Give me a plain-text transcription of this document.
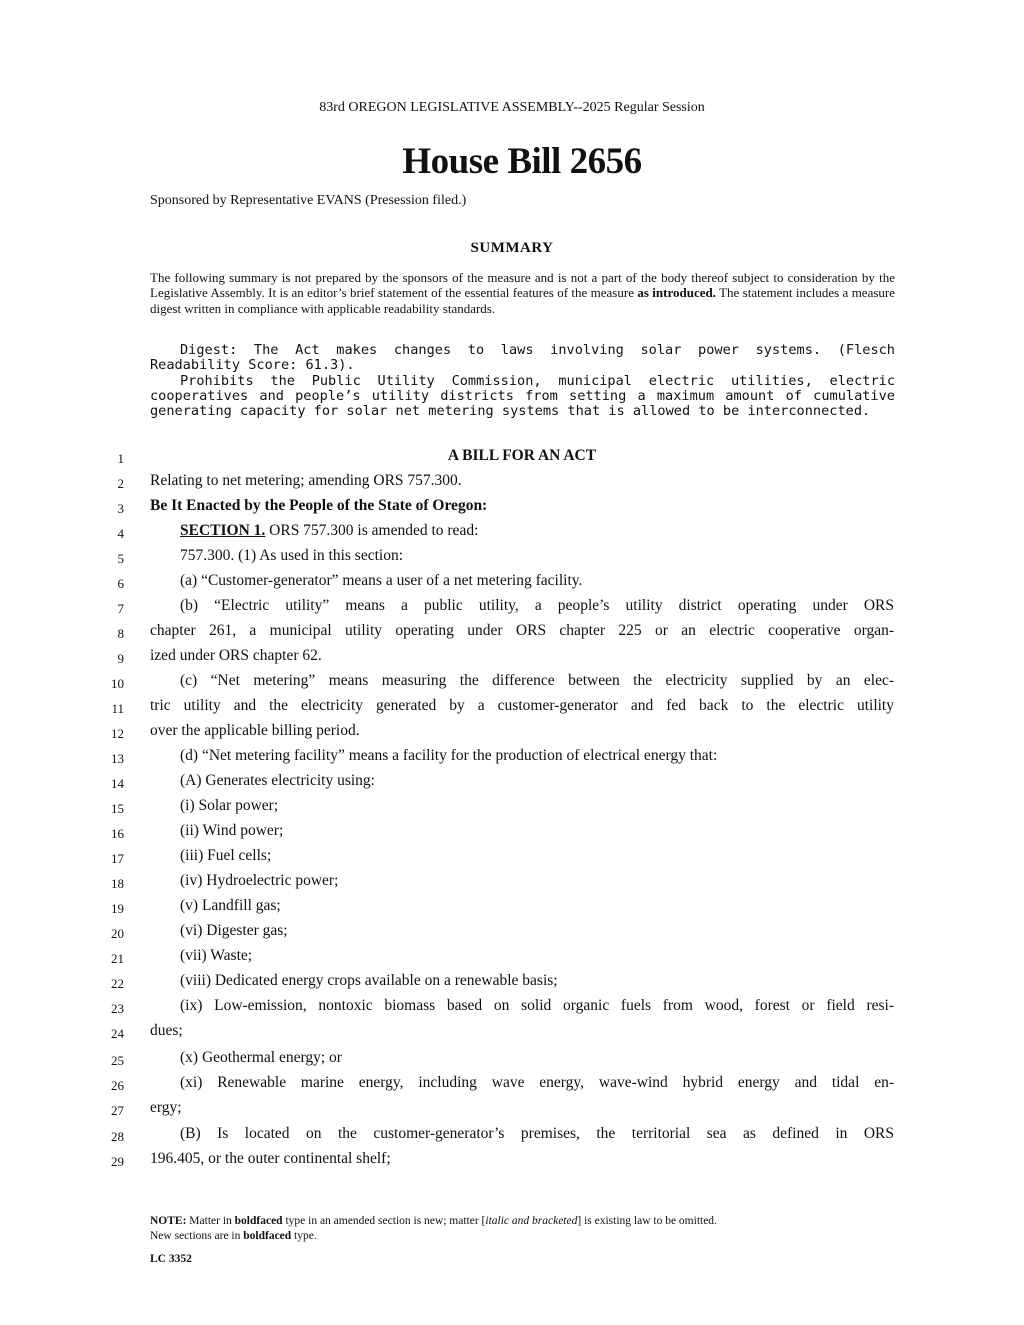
83rd OREGON LEGISLATIVE ASSEMBLY--2025 Regular Session
House Bill 2656
Sponsored by Representative EVANS (Presession filed.)
SUMMARY
The following summary is not prepared by the sponsors of the measure and is not a part of the body thereof subject to consideration by the Legislative Assembly. It is an editor’s brief statement of the essential features of the measure as introduced. The statement includes a measure digest written in compliance with applicable readability standards.

Digest: The Act makes changes to laws involving solar power systems. (Flesch Readability Score: 61.3).

Prohibits the Public Utility Commission, municipal electric utilities, electric cooperatives and people’s utility districts from setting a maximum amount of cumulative generating capacity for solar net metering systems that is allowed to be interconnected.

1	A BILL FOR AN ACT
2 Relating to net metering; amending ORS 757.300.
3 Be It Enacted by the People of the State of Oregon:
4	SECTION 1. ORS 757.300 is amended to read:
5	757.300. (1) As used in this section:
6	(a) “Customer-generator” means a user of a net metering facility.
7	(b) “Electric utility” means a public utility, a people’s utility district operating under ORS
8 chapter 261, a municipal utility operating under ORS chapter 225 or an electric cooperative organ-
9 ized under ORS chapter 62.
10	(c) “Net metering” means measuring the difference between the electricity supplied by an elec-
11 tric utility and the electricity generated by a customer-generator and fed back to the electric utility
12 over the applicable billing period.
13	(d) “Net metering facility” means a facility for the production of electrical energy that:
14	(A) Generates electricity using:
15	(i) Solar power;
16	(ii) Wind power;
17	(iii) Fuel cells;
18	(iv) Hydroelectric power;
19	(v) Landfill gas;
20	(vi) Digester gas;
21	(vii) Waste;
22	(viii) Dedicated energy crops available on a renewable basis;
23	(ix) Low-emission, nontoxic biomass based on solid organic fuels from wood, forest or field resi-
24 dues;
25	(x) Geothermal energy; or
26	(xi) Renewable marine energy, including wave energy, wave-wind hybrid energy and tidal en-
27 ergy;
28	(B) Is located on the customer-generator’s premises, the territorial sea as defined in ORS
29 196.405, or the outer continental shelf;
NOTE: Matter in boldfaced type in an amended section is new; matter [italic and bracketed] is existing law to be omitted.
New sections are in boldfaced type.
LC 3352
